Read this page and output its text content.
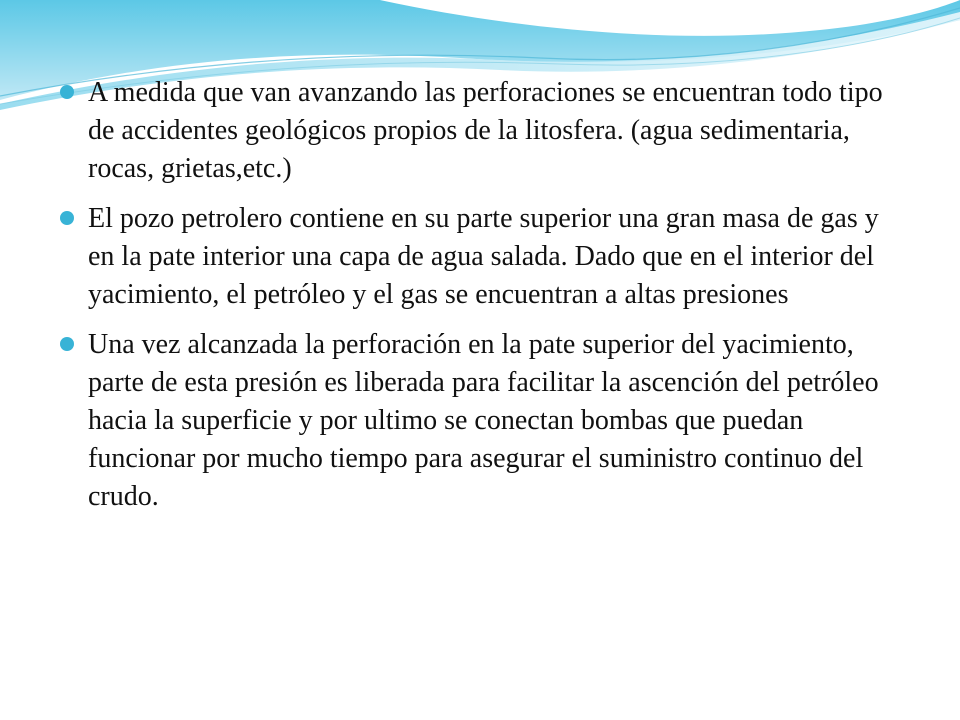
A medida que van avanzando las perforaciones se encuentran todo tipo de accidentes geológicos propios de la litosfera. (agua sedimentaria, rocas, grietas,etc.)
El pozo petrolero contiene en su parte superior una gran masa de gas y en la pate interior una capa de agua salada. Dado que en el interior del yacimiento, el petróleo y el gas se encuentran a altas presiones
Una vez alcanzada la perforación en la pate superior del yacimiento, parte de esta presión es liberada para facilitar la ascención del petróleo hacia la superficie y por ultimo se conectan bombas que puedan funcionar por mucho tiempo para asegurar el suministro continuo del crudo.
